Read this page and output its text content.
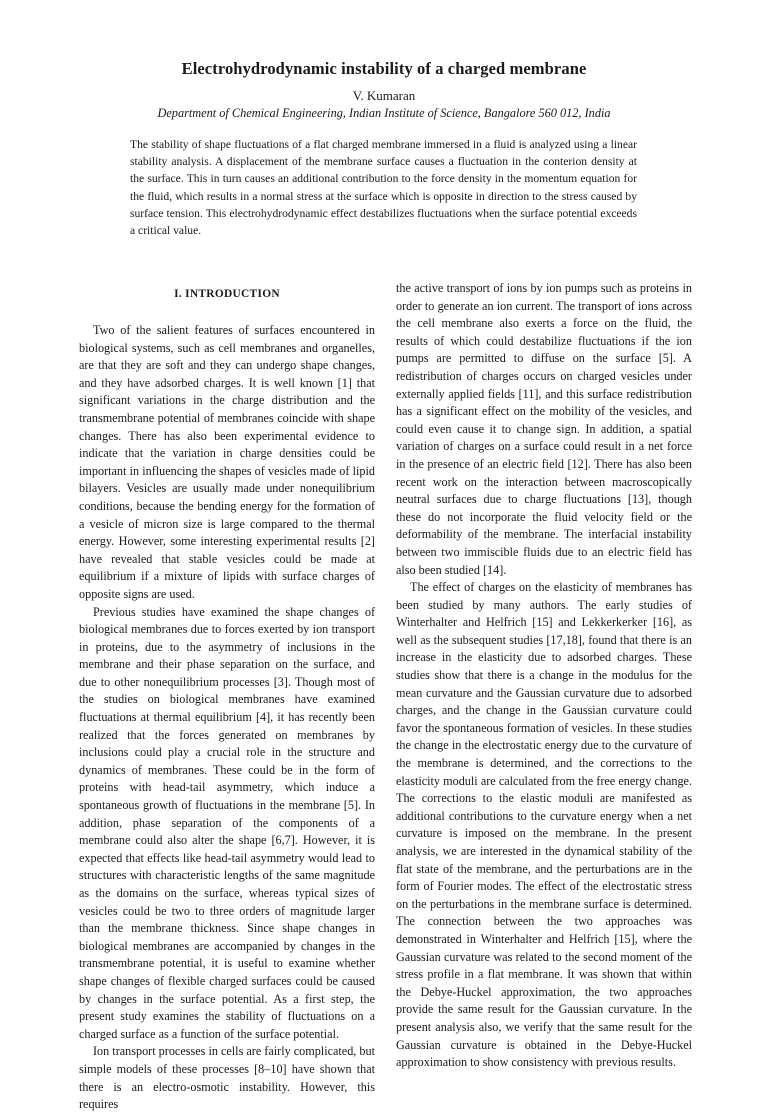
Electrohydrodynamic instability of a charged membrane
V. Kumaran
Department of Chemical Engineering, Indian Institute of Science, Bangalore 560 012, India

The stability of shape fluctuations of a flat charged membrane immersed in a fluid is analyzed using a linear stability analysis. A displacement of the membrane surface causes a fluctuation in the conterion density at the surface. This in turn causes an additional contribution to the force density in the momentum equation for the fluid, which results in a normal stress at the surface which is opposite in direction to the stress caused by surface tension. This electrohydrodynamic effect destabilizes fluctuations when the surface potential exceeds a critical value.

I. INTRODUCTION

Two of the salient features of surfaces encountered in biological systems, such as cell membranes and organelles, are that they are soft and they can undergo shape changes, and they have adsorbed charges. It is well known [1] that significant variations in the charge distribution and the transmembrane potential of membranes coincide with shape changes. There has also been experimental evidence to indicate that the variation in charge densities could be important in influencing the shapes of vesicles made of lipid bilayers. Vesicles are usually made under nonequilibrium conditions, because the bending energy for the formation of a vesicle of micron size is large compared to the thermal energy. However, some interesting experimental results [2] have revealed that stable vesicles could be made at equilibrium if a mixture of lipids with surface charges of opposite signs are used.

Previous studies have examined the shape changes of biological membranes due to forces exerted by ion transport in proteins, due to the asymmetry of inclusions in the membrane and their phase separation on the surface, and due to other nonequilibrium processes [3]. Though most of the studies on biological membranes have examined fluctuations at thermal equilibrium [4], it has recently been realized that the forces generated on membranes by inclusions could play a crucial role in the structure and dynamics of membranes. These could be in the form of proteins with head-tail asymmetry, which induce a spontaneous growth of fluctuations in the membrane [5]. In addition, phase separation of the components of a membrane could also alter the shape [6,7]. However, it is expected that effects like head-tail asymmetry would lead to structures with characteristic lengths of the same magnitude as the domains on the surface, whereas typical sizes of vesicles could be two to three orders of magnitude larger than the membrane thickness. Since shape changes in biological membranes are accompanied by changes in the transmembrane potential, it is useful to examine whether shape changes of flexible charged surfaces could be caused by changes in the surface potential. As a first step, the present study examines the stability of fluctuations on a charged surface as a function of the surface potential.

Ion transport processes in cells are fairly complicated, but simple models of these processes [8–10] have shown that there is an electro-osmotic instability. However, this requires

the active transport of ions by ion pumps such as proteins in order to generate an ion current. The transport of ions across the cell membrane also exerts a force on the fluid, the results of which could destabilize fluctuations if the ion pumps are permitted to diffuse on the surface [5]. A redistribution of charges occurs on charged vesicles under externally applied fields [11], and this surface redistribution has a significant effect on the mobility of the vesicles, and could even cause it to change sign. In addition, a spatial variation of charges on a surface could result in a net force in the presence of an electric field [12]. There has also been recent work on the interaction between macroscopically neutral surfaces due to charge fluctuations [13], though these do not incorporate the fluid velocity field or the deformability of the membrane. The interfacial instability between two immiscible fluids due to an electric field has also been studied [14].

The effect of charges on the elasticity of membranes has been studied by many authors. The early studies of Winterhalter and Helfrich [15] and Lekkerkerker [16], as well as the subsequent studies [17,18], found that there is an increase in the elasticity due to adsorbed charges. These studies show that there is a change in the modulus for the mean curvature and the Gaussian curvature due to adsorbed charges, and the change in the Gaussian curvature could favor the spontaneous formation of vesicles. In these studies the change in the electrostatic energy due to the curvature of the membrane is determined, and the corrections to the elasticity moduli are calculated from the free energy change. The corrections to the elastic moduli are manifested as additional contributions to the curvature energy when a net curvature is imposed on the membrane. In the present analysis, we are interested in the dynamical stability of the flat state of the membrane, and the perturbations are in the form of Fourier modes. The effect of the electrostatic stress on the perturbations in the membrane surface is determined. The connection between the two approaches was demonstrated in Winterhalter and Helfrich [15], where the Gaussian curvature was related to the second moment of the stress profile in a flat membrane. It was shown that within the Debye-Huckel approximation, the two approaches provide the same result for the Gaussian curvature. In the present analysis also, we verify that the same result for the Gaussian curvature is obtained in the Debye-Huckel approximation to show consistency with previous results.
